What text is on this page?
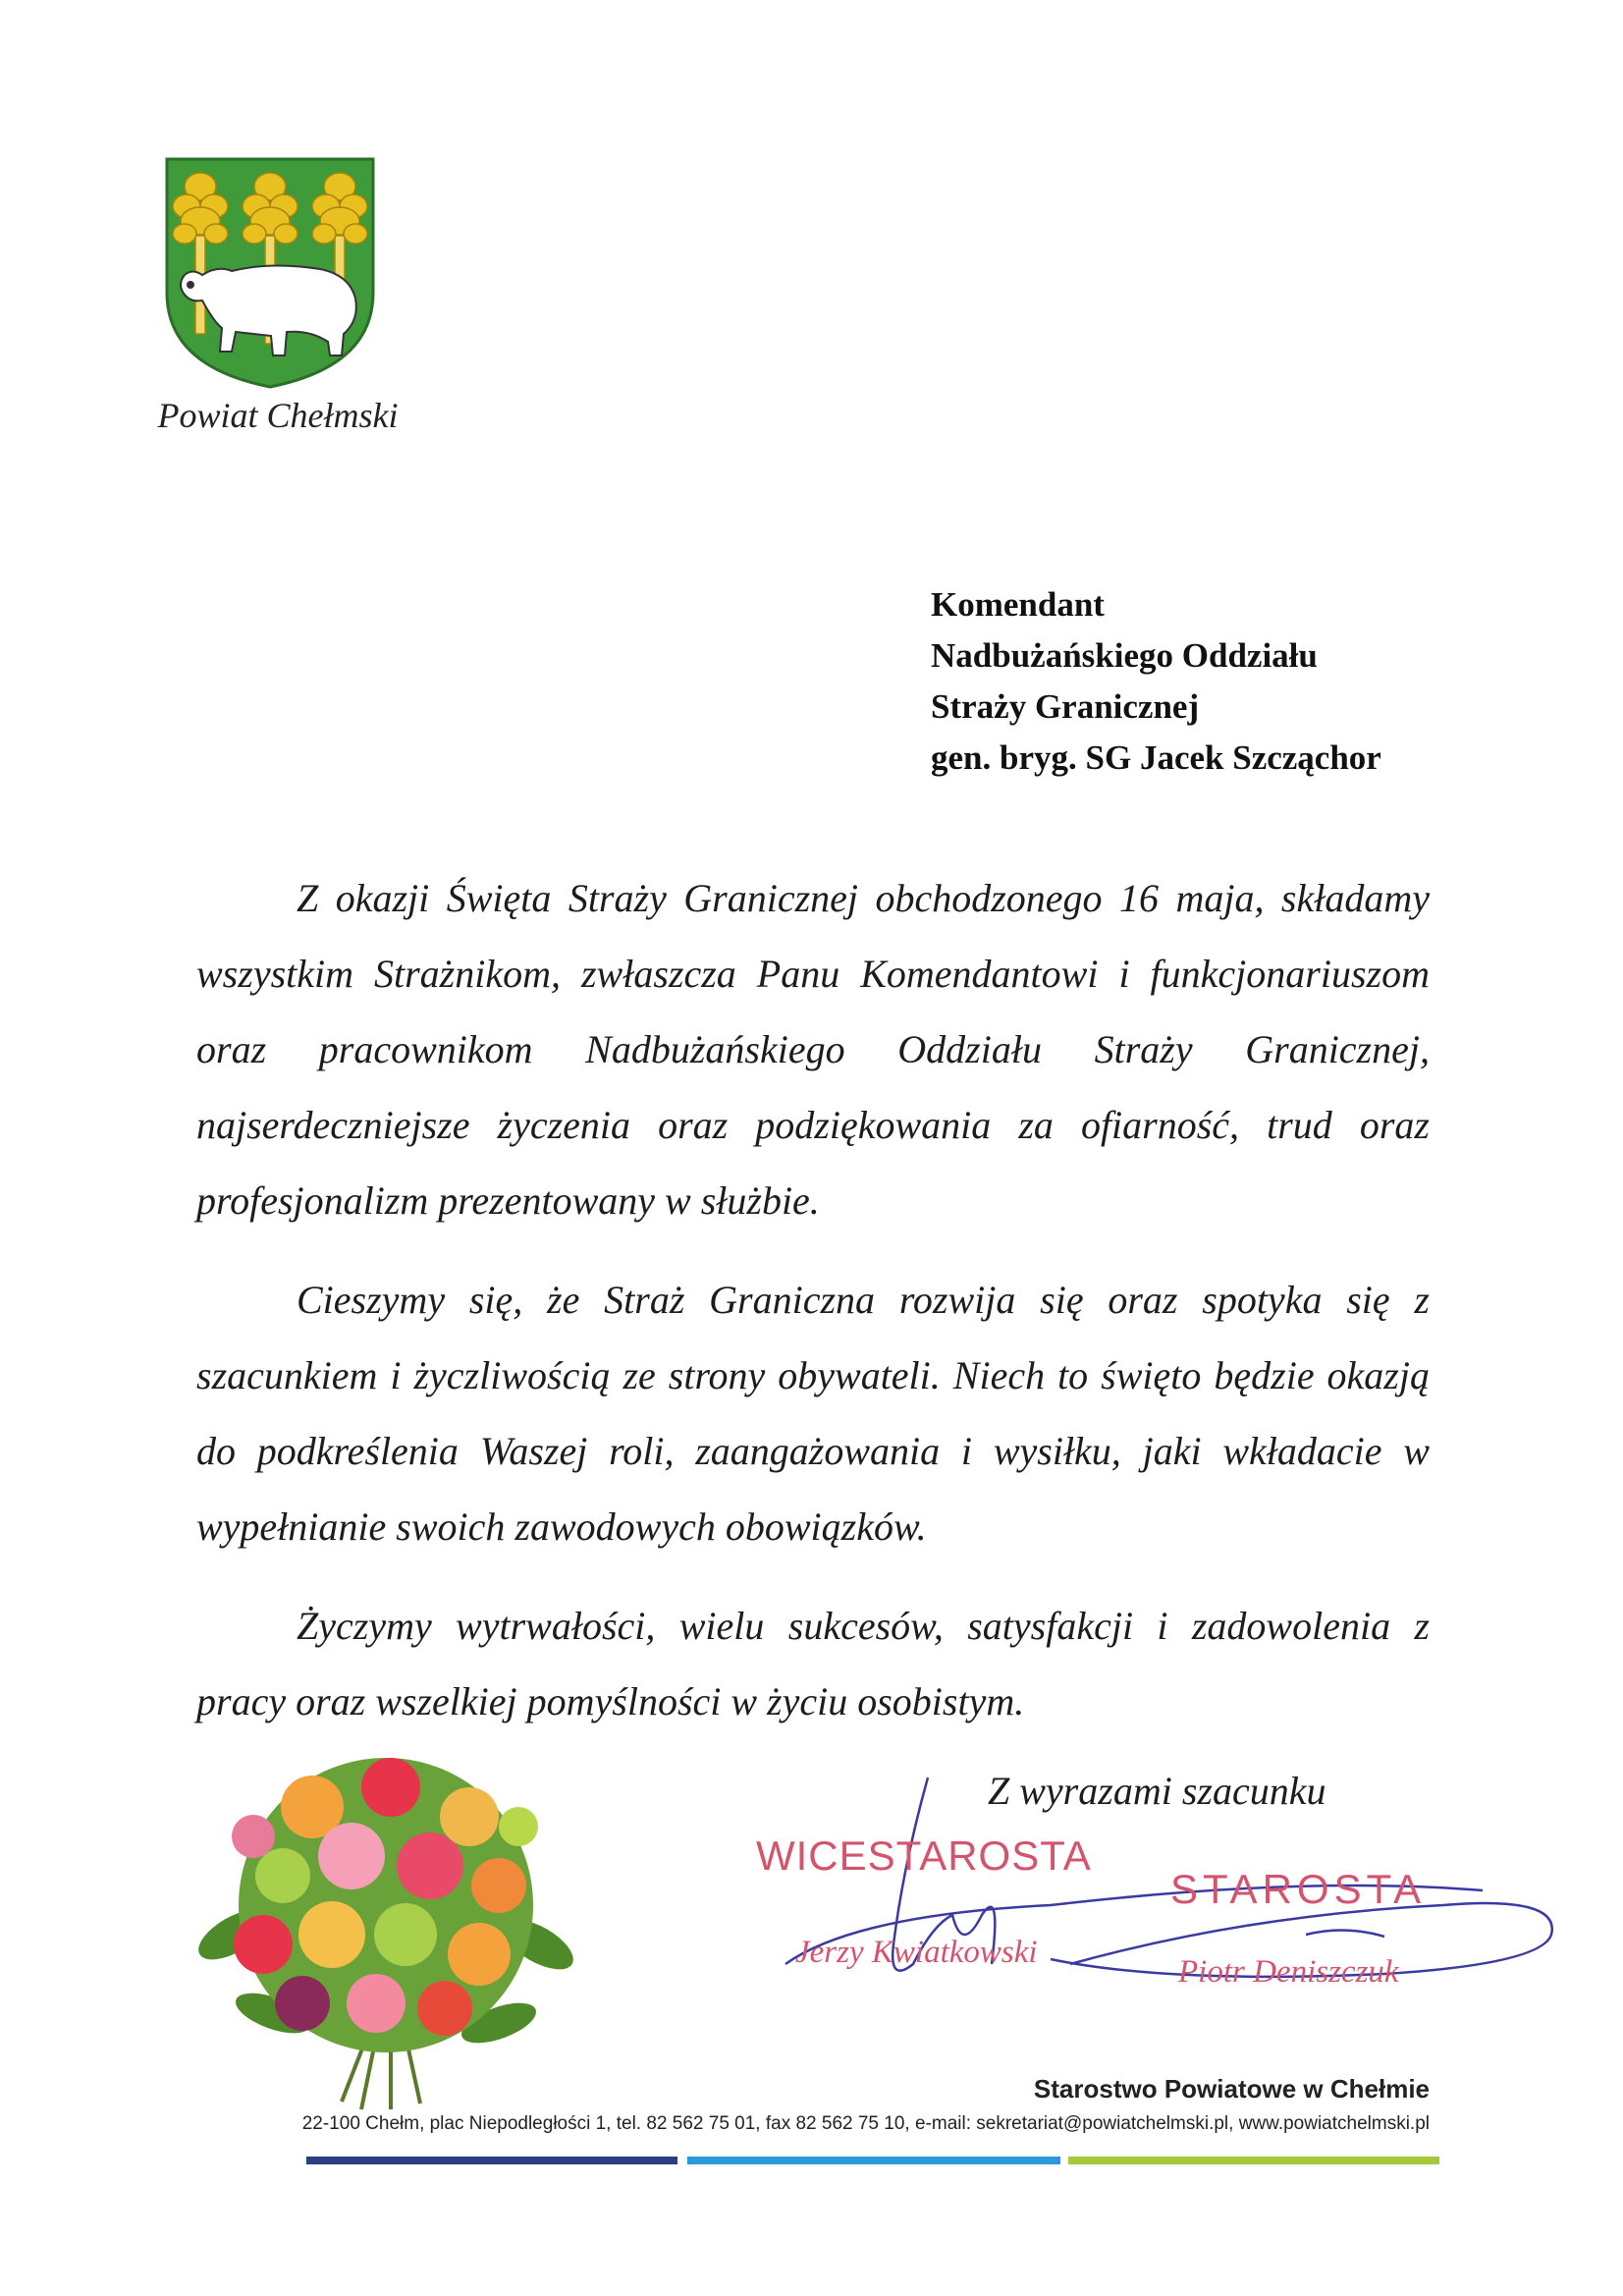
Powiat Chełmski
Komendant
Nadbużańskiego Oddziału
Straży Granicznej
gen. bryg. SG Jacek Szcząchor

Z okazji Święta Straży Granicznej obchodzonego 16 maja, składamy wszystkim Strażnikom, zwłaszcza Panu Komendantowi i funkcjonariuszom oraz pracownikom Nadbużańskiego Oddziału Straży Granicznej, najserdeczniejsze życzenia oraz podziękowania za ofiarność, trud oraz profesjonalizm prezentowany w służbie.

Cieszymy się, że Straż Graniczna rozwija się oraz spotyka się z szacunkiem i życzliwością ze strony obywateli. Niech to święto będzie okazją do podkreślenia Waszej roli, zaangażowania i wysiłku, jaki wkładacie w wypełnianie swoich zawodowych obowiązków.

Życzymy wytrwałości, wielu sukcesów, satysfakcji i zadowolenia z pracy oraz wszelkiej pomyślności w życiu osobistym.

Z wyrazami szacunku
WICESTAROSTA
Jerzy Kwiatkowski
STAROSTA
Piotr Deniszczuk
Starostwo Powiatowe w Chełmie
22-100 Chełm, plac Niepodległości 1, tel. 82 562 75 01, fax 82 562 75 10, e-mail: sekretariat@powiatchelmski.pl, www.powiatchelmski.pl
